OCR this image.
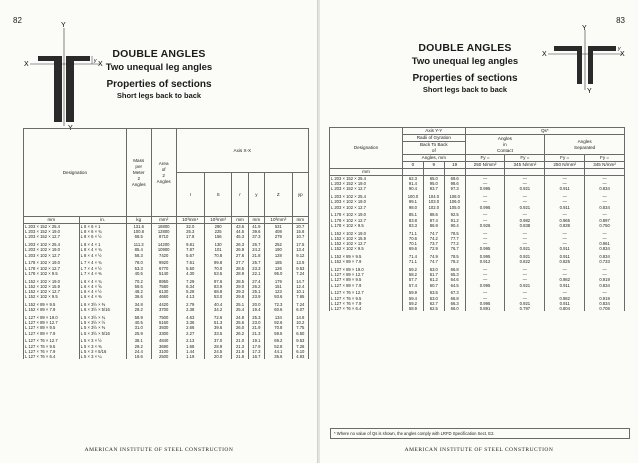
82
Y
X	X
y
Y
DOUBLE ANGLES
Two unequal leg angles
Properties of sections
Short legs back to back
Designation		Mass
per
Meter
2
Angles	Area
of
2
Angles	Axis X-X					
				I	S	r	y	Z	yp
mm	in.	kg	mm²	10³mm⁴	10³mm³	mm	mm	10³mm³	mm
L 203 × 152 × 25.4	L 8 × 6 × 1	131.6	16800	32.0	290	43.6	41.9	531	20.7
L 203 × 152 × 19.0	L 8 × 6 × ¾	100.8	12800	25.3	225	44.5	39.6	408	15.8
L 203 × 152 × 12.7	L 8 × 6 × ½	68.5	8710	17.8	156	45.3	37.3	279	10.7

L 203 × 102 × 25.4	L 8 × 4 × 1	111.3	14200	9.81	130	26.3	26.7	252	17.5
L 203 × 102 × 19.0	L 8 × 4 × ¾	85.4	10900	7.87	101	26.9	24.2	190	13.4
L 203 × 102 × 12.7	L 8 × 4 × ½	58.3	7420	5.67	70.8	27.6	21.8	128	9.12

L 178 × 102 × 19.0	L 7 × 4 × ¾	78.0	9920	7.61	99.8	27.7	25.7	185	13.9
L 178 × 102 × 12.7	L 7 × 4 × ½	53.3	6770	5.50	70.0	28.5	23.3	126	9.53
L 178 × 102 × 9.5	L 7 × 4 × ⅜	40.5	5140	4.30	53.5	28.9	22.1	95.0	7.24

L 152 × 102 × 19.0	L 6 × 4 × ¾	70.2	8950	7.29	97.6	28.5	27.4	179	14.7
L 152 × 102 × 15.9	L 6 × 4 × ⅝	59.5	7580	6.34	83.9	29.0	26.2	151	12.4
L 152 × 102 × 12.7	L 6 × 4 × ½	48.2	6130	5.28	68.8	29.3	25.1	123	10.1
L 152 × 102 × 9.5	L 6 × 4 × ⅜	36.6	4660	4.13	53.0	29.8	23.9	93.6	7.65

L 152 × 89 × 9.5	L 6 × 3½ × ⅜	34.8	4420	2.79	40.4	25.1	20.0	72.3	7.24
L 152 × 89 × 7.9	L 6 × 3½ × 5/16	29.2	3700	2.38	34.2	25.4	19.4	60.6	6.07

L 127 × 89 × 19.0	L 5 × 3½ × ¾	58.9	7500	4.63	72.6	24.8	25.3	134	14.8
L 127 × 89 × 12.7	L 5 × 3½ × ½	40.5	5160	3.36	51.3	25.6	23.0	92.6	10.2
L 127 × 89 × 9.5	L 5 × 3½ × ⅜	31.0	3930	2.66	39.6	26.0	21.9	70.8	7.75
L 127 × 89 × 7.9	L 5 × 3½ × 5/16	25.9	3300	2.27	33.5	26.2	21.3	59.5	6.50

L 127 × 76 × 12.7	L 5 × 3 × ½	38.1	4840	2.13	37.0	21.0	19.1	69.2	9.53
L 127 × 76 × 9.5	L 5 × 3 × ⅜	29.2	3690	1.68	28.9	21.3	17.9	52.8	7.26
L 127 × 76 × 7.9	L 5 × 3 × 5/16	24.4	3100	1.44	24.5	21.6	17.3	44.1	6.10
L 127 × 76 × 6.4	L 5 × 3 × ¼	19.6	2500	1.19	20.0	21.8	16.7	35.6	4.93
AMERICAN INSTITUTE OF STEEL CONSTRUCTION
83
DOUBLE ANGLES
Two unequal leg angles
Properties of sections
Short legs back to back
Y
X	X
y
Y
Designation	Axis Y-Y			Qs*			
	Radii of Gyration			Angles
in
Contact		Angles
Separated	
	Back To Back
of						
	Angles, mm			Fy =	Fy =	Fy =	Fy =
	0	9	19	250 N/mm²	345 N/mm²	250 N/mm²	345 N/mm²
mm							
L 203 × 152 × 25.4	62.3	65.0	69.6	—	—	—	—
L 203 × 152 × 19.0	91.4	95.0	98.6	—	—	—	—
L 203 × 152 × 12.7	90.4	93.7	97.3	0.995	0.921	0.911	0.834

L 203 × 102 × 25.4	100.0	104.0	108.0	—	—	—	—
L 203 × 102 × 19.0	99.1	103.0	106.0	—	—	—	—
L 203 × 102 × 12.7	98.0	102.0	105.0	0.995	0.921	0.911	0.834

L 178 × 102 × 19.0	85.1	88.6	92.5	—	—	—	—
L 178 × 102 × 12.7	83.8	87.4	91.2	—	0.982	0.965	0.897
L 178 × 102 × 9.5	83.3	86.9	90.4	0.926	0.838	0.839	0.750

L 152 × 102 × 19.0	71.1	74.7	78.5	—	—	—	—
L 152 × 102 × 15.9	70.6	74.2	77.7	—	—	—	—
L 152 × 102 × 12.7	70.1	73.7	77.2	—	—	—	0.961
L 152 × 102 × 9.5	69.6	72.9	76.7	0.995	0.921	0.911	0.834

L 152 × 89 × 9.5	71.4	74.9	78.5	0.995	0.921	0.911	0.834
L 152 × 89 × 7.9	71.1	74.7	78.2	0.912	0.822	0.825	0.733

L 127 × 89 × 19.0	59.2	63.0	66.8	—	—	—	—
L 127 × 89 × 12.7	58.2	61.7	65.3	—	—	—	—
L 127 × 89 × 9.5	57.7	61.2	64.6	—	—	0.982	0.919
L 127 × 89 × 7.9	57.4	60.7	64.5	0.995	0.921	0.911	0.834

L 127 × 76 × 12.7	59.9	63.5	67.3	—	—	—	—
L 127 × 76 × 9.5	59.4	63.0	66.8	—	—	0.982	0.919
L 127 × 76 × 7.9	59.2	62.7	66.3	0.995	0.921	0.911	0.834
L 127 × 76 × 6.4	58.9	62.5	66.0	0.891	0.797	0.804	0.708
* Where no value of Qs is shown, the angles comply with LRFD Specification Sect. E2.
AMERICAN INSTITUTE OF STEEL CONSTRUCTION
